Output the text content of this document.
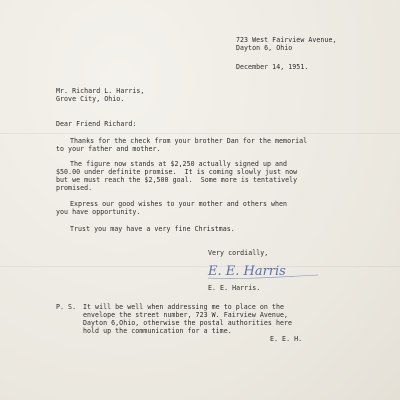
723 West Fairview Avenue,
Dayton 6, Ohio
December 14, 1951.
Mr. Richard L. Harris,
Grove City, Ohio.
Dear Friend Richard:
Thanks for the check from your brother Dan for the memorial
to your father and mother.
The figure now stands at $2,250 actually signed up and
$50.00 under definite promise.  It is coming slowly just now
but we must reach the $2,500 goal.  Some more is tentatively
promised.
Express our good wishes to your mother and others when
you have opportunity.
Trust you may have a very fine Christmas.
Very cordially,
E. E. Harris
E. E. Harris.
P. S. It will be well when addressing me to place on the
envelope the street number, 723 W. Fairview Avenue,
Dayton 6,Ohio, otherwise the postal authorities here
hold up the communication for a time.
E. E. H.
